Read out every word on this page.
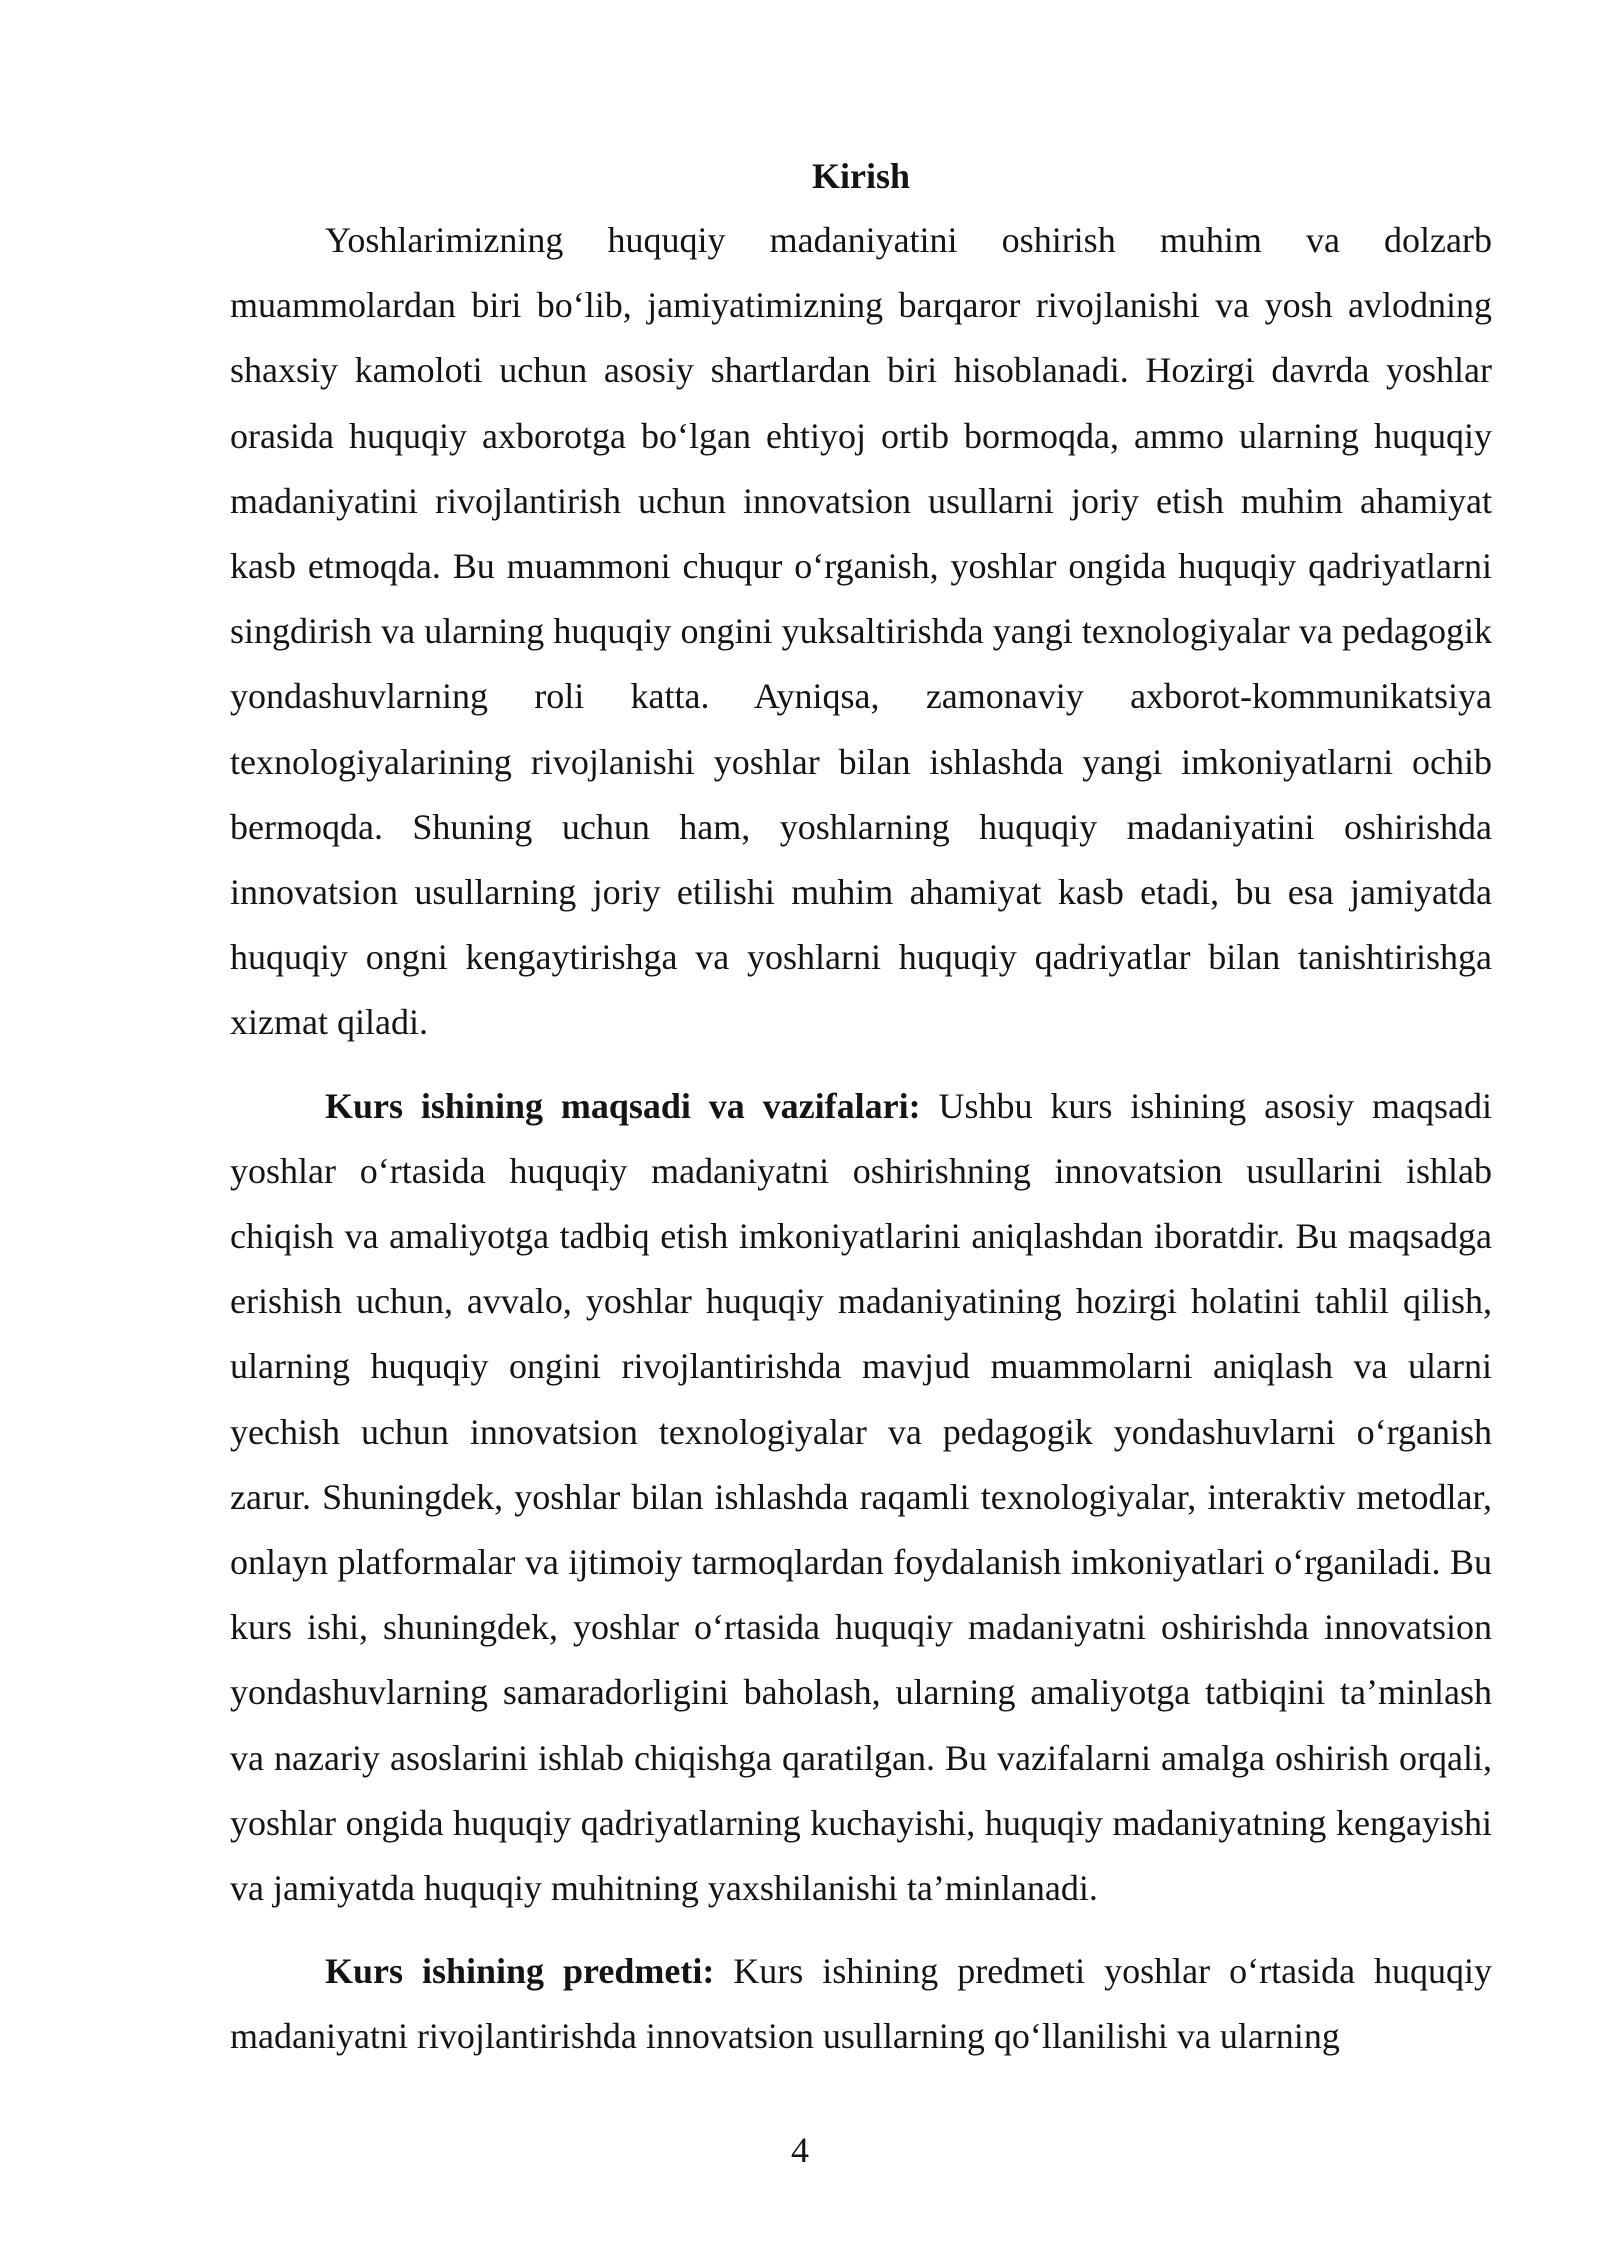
Kirish

Yoshlarimizning huquqiy madaniyatini oshirish muhim va dolzarb muammolardan biri bo‘lib, jamiyatimizning barqaror rivojlanishi va yosh avlodning shaxsiy kamoloti uchun asosiy shartlardan biri hisoblanadi. Hozirgi davrda yoshlar orasida huquqiy axborotga bo‘lgan ehtiyoj ortib bormoqda, ammo ularning huquqiy madaniyatini rivojlantirish uchun innovatsion usullarni joriy etish muhim ahamiyat kasb etmoqda. Bu muammoni chuqur o‘rganish, yoshlar ongida huquqiy qadriyatlarni singdirish va ularning huquqiy ongini yuksaltirishda yangi texnologiyalar va pedagogik yondashuvlarning roli katta. Ayniqsa, zamonaviy axborot-kommunikatsiya texnologiyalarining rivojlanishi yoshlar bilan ishlashda yangi imkoniyatlarni ochib bermoqda. Shuning uchun ham, yoshlarning huquqiy madaniyatini oshirishda innovatsion usullarning joriy etilishi muhim ahamiyat kasb etadi, bu esa jamiyatda huquqiy ongni kengaytirishga va yoshlarni huquqiy qadriyatlar bilan tanishtirishga xizmat qiladi.

Kurs ishining maqsadi va vazifalari: Ushbu kurs ishining asosiy maqsadi yoshlar o‘rtasida huquqiy madaniyatni oshirishning innovatsion usullarini ishlab chiqish va amaliyotga tadbiq etish imkoniyatlarini aniqlashdan iboratdir. Bu maqsadga erishish uchun, avvalo, yoshlar huquqiy madaniyatining hozirgi holatini tahlil qilish, ularning huquqiy ongini rivojlantirishda mavjud muammolarni aniqlash va ularni yechish uchun innovatsion texnologiyalar va pedagogik yondashuvlarni o‘rganish zarur. Shuningdek, yoshlar bilan ishlashda raqamli texnologiyalar, interaktiv metodlar, onlayn platformalar va ijtimoiy tarmoqlardan foydalanish imkoniyatlari o‘rganiladi. Bu kurs ishi, shuningdek, yoshlar o‘rtasida huquqiy madaniyatni oshirishda innovatsion yondashuvlarning samaradorligini baholash, ularning amaliyotga tatbiqini ta’minlash va nazariy asoslarini ishlab chiqishga qaratilgan. Bu vazifalarni amalga oshirish orqali, yoshlar ongida huquqiy qadriyatlarning kuchayishi, huquqiy madaniyatning kengayishi va jamiyatda huquqiy muhitning yaxshilanishi ta’minlanadi.

Kurs ishining predmeti: Kurs ishining predmeti yoshlar o‘rtasida huquqiy madaniyatni rivojlantirishda innovatsion usullarning qo‘llanilishi va ularning

4
